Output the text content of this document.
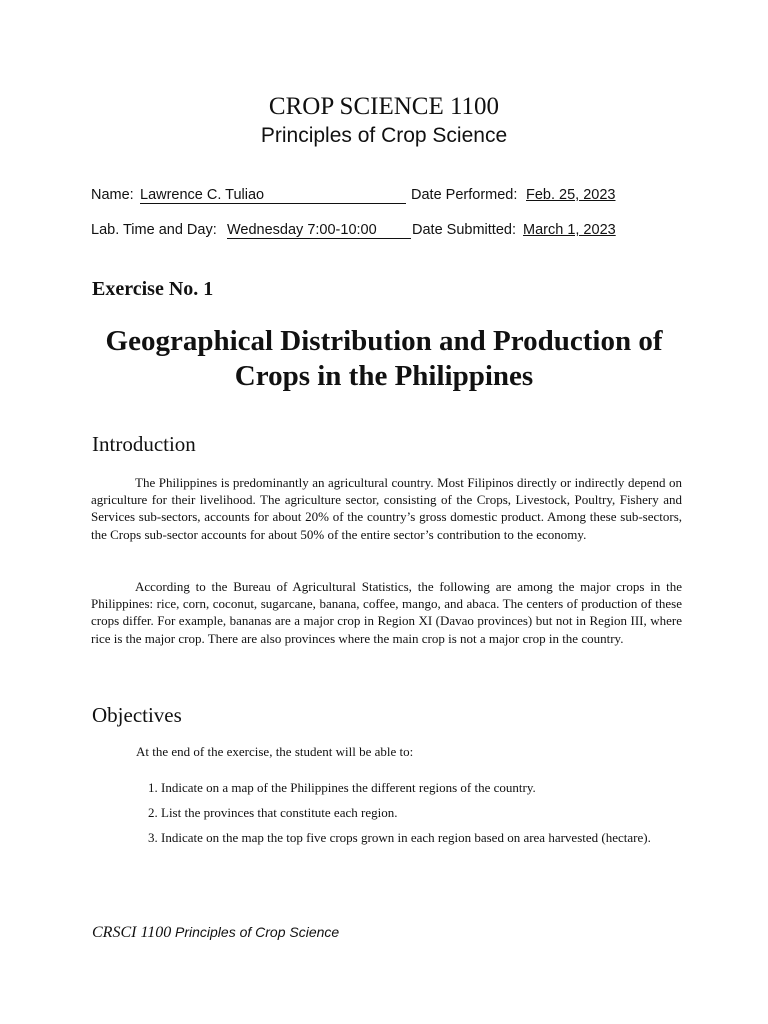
CROP SCIENCE 1100
Principles of Crop Science
Name: Lawrence C. Tuliao	Date Performed: Feb. 25, 2023
Lab. Time and Day: Wednesday 7:00-10:00	Date Submitted: March 1, 2023
Exercise No. 1
Geographical Distribution and Production of Crops in the Philippines
Introduction
The Philippines is predominantly an agricultural country. Most Filipinos directly or indirectly depend on agriculture for their livelihood. The agriculture sector, consisting of the Crops, Livestock, Poultry, Fishery and Services sub-sectors, accounts for about 20% of the country’s gross domestic product. Among these sub-sectors, the Crops sub-sector accounts for about 50% of the entire sector’s contribution to the economy.
According to the Bureau of Agricultural Statistics, the following are among the major crops in the Philippines: rice, corn, coconut, sugarcane, banana, coffee, mango, and abaca. The centers of production of these crops differ. For example, bananas are a major crop in Region XI (Davao provinces) but not in Region III, where rice is the major crop. There are also provinces where the main crop is not a major crop in the country.
Objectives
At the end of the exercise, the student will be able to:

1. Indicate on a map of the Philippines the different regions of the country.

2. List the provinces that constitute each region.

3. Indicate on the map the top five crops grown in each region based on area harvested (hectare).

CRSCI 1100 Principles of Crop Science
